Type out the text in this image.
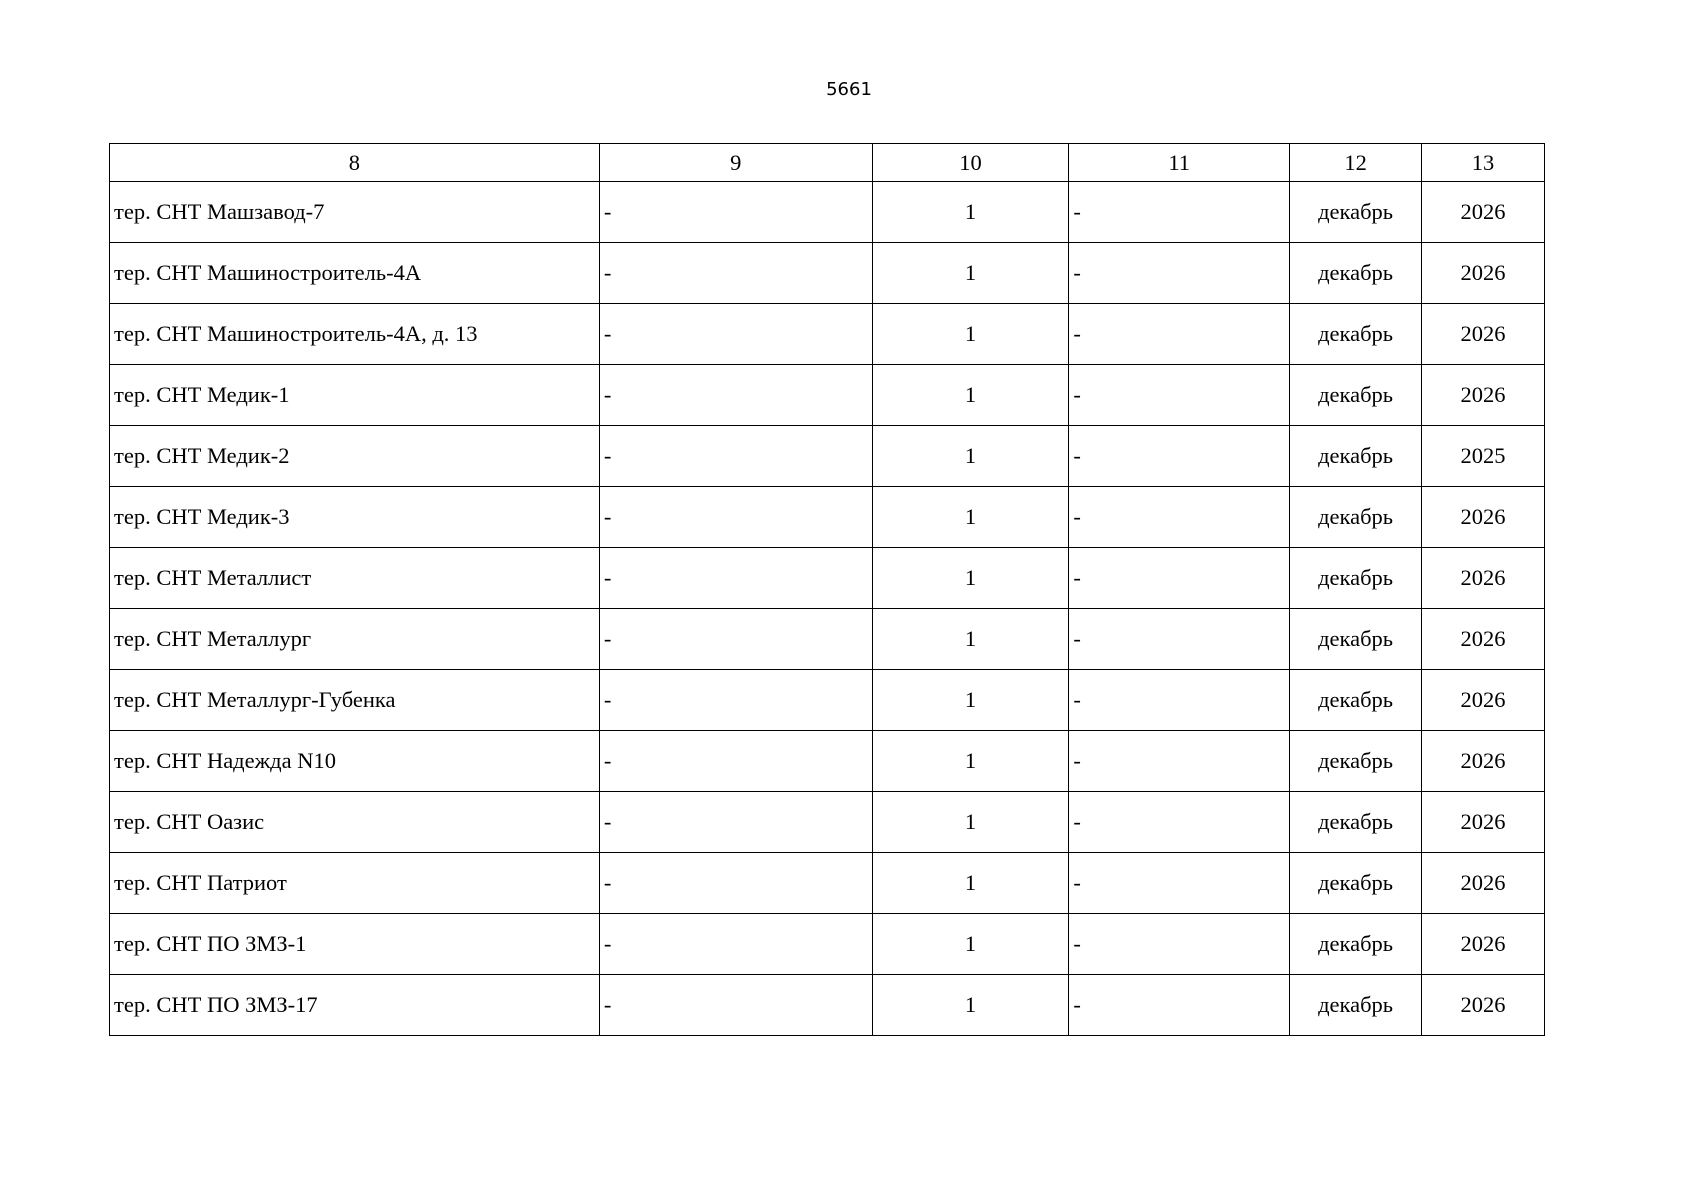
5661
8	9	10	11	12	13
тер. СНТ Машзавод-7	-	1	-	декабрь	2026
тер. СНТ Машиностроитель-4А	-	1	-	декабрь	2026
тер. СНТ Машиностроитель-4А, д. 13	-	1	-	декабрь	2026
тер. СНТ Медик-1	-	1	-	декабрь	2026
тер. СНТ Медик-2	-	1	-	декабрь	2025
тер. СНТ Медик-3	-	1	-	декабрь	2026
тер. СНТ Металлист	-	1	-	декабрь	2026
тер. СНТ Металлург	-	1	-	декабрь	2026
тер. СНТ Металлург-Губенка	-	1	-	декабрь	2026
тер. СНТ Надежда N10	-	1	-	декабрь	2026
тер. СНТ Оазис	-	1	-	декабрь	2026
тер. СНТ Патриот	-	1	-	декабрь	2026
тер. СНТ ПО ЗМЗ-1	-	1	-	декабрь	2026
тер. СНТ ПО ЗМЗ-17	-	1	-	декабрь	2026
